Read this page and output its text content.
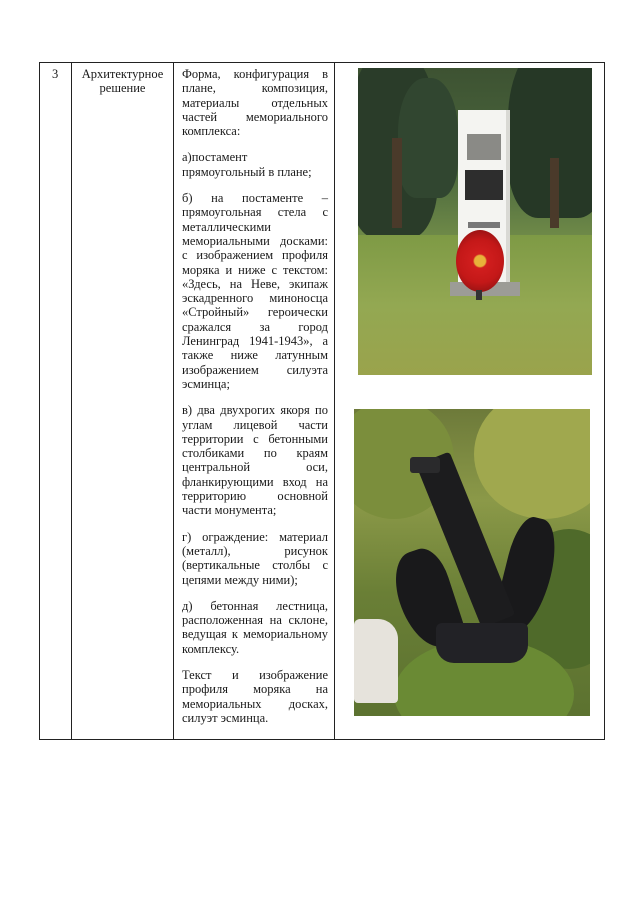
3	Архитектурное решение

Форма, конфигурация в плане, композиция, материалы отдельных частей мемориального комплекса:

а)постамент прямоугольный в плане;

б) на постаменте – прямоугольная стела с металлическими мемориальными досками: с изображением профиля моряка и ниже с текстом: «Здесь, на Неве, экипаж эскадренного миноносца «Стройный» героически сражался за город Ленинград 1941-1943», а также ниже латунным изображением силуэта эсминца;

в) два двухрогих якоря по углам лицевой части территории с бетонными столбиками по краям центральной оси, фланкирующими вход на территорию основной части монумента;

г) ограждение: материал (металл), рисунок (вертикальные столбы с цепями между ними);

д) бетонная лестница, расположенная на склоне, ведущая к мемориальному комплексу.

Текст и изображение профиля моряка на мемориальных досках, силуэт эсминца.
